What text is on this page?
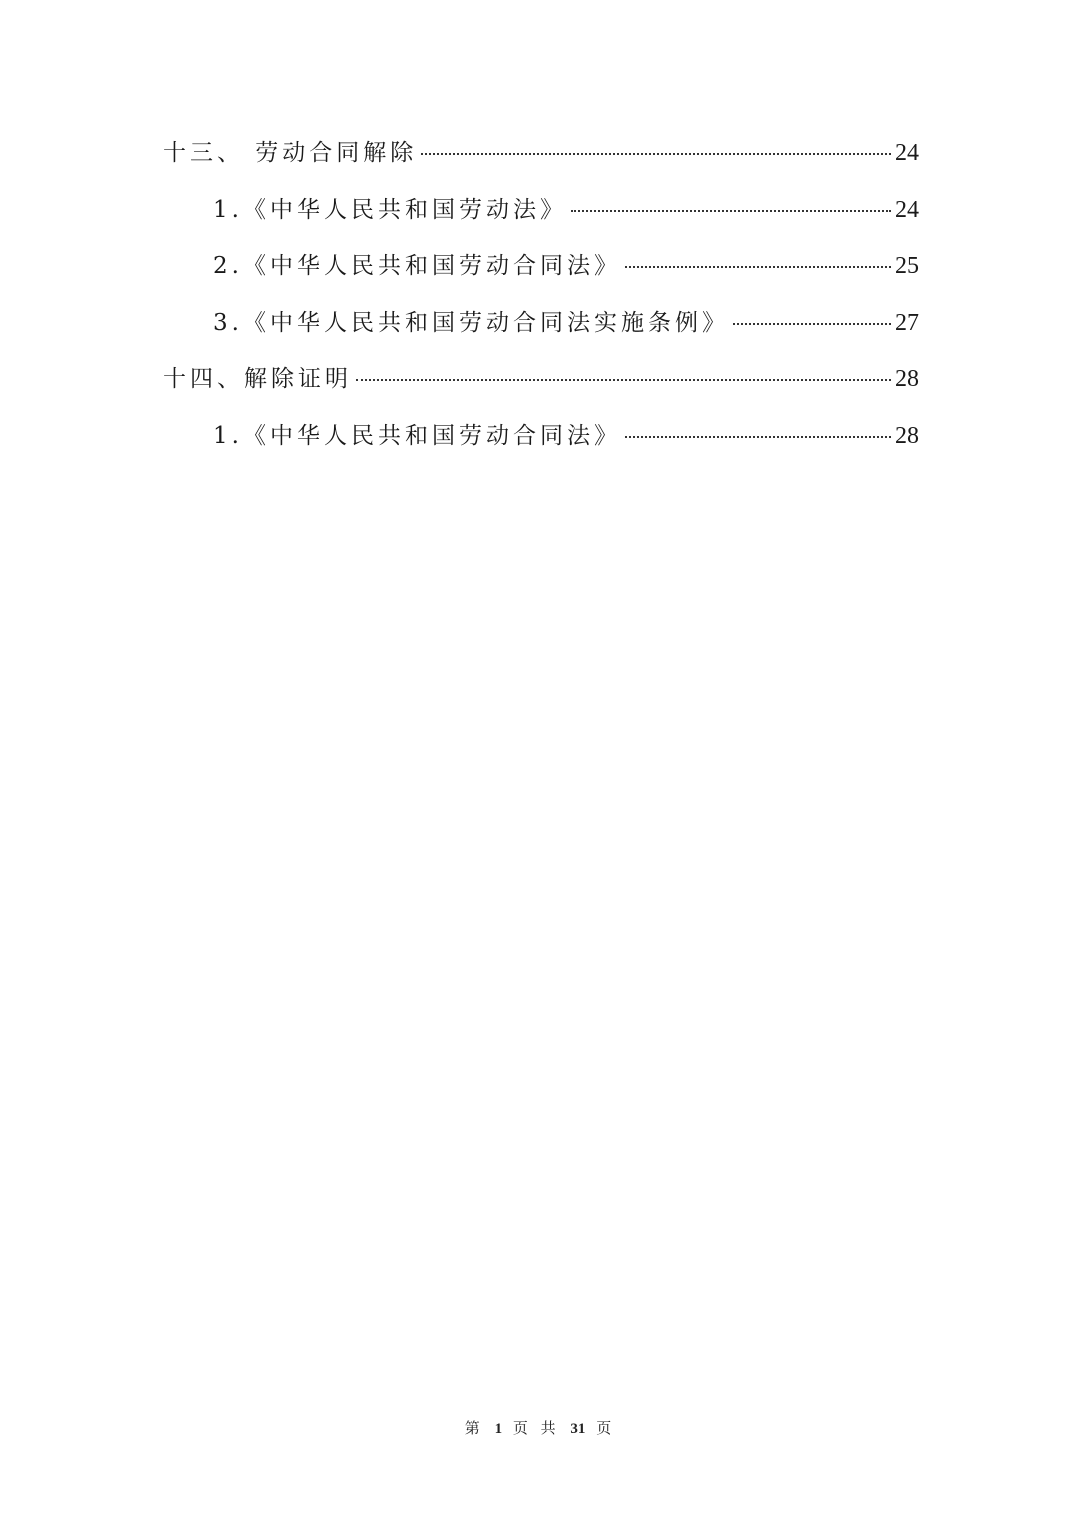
十三、 劳动合同解除	24
1.《中华人民共和国劳动法》	24
2.《中华人民共和国劳动合同法》	25
3.《中华人民共和国劳动合同法实施条例》	27
十四、解除证明	28
1.《中华人民共和国劳动合同法》	28
第 1 页 共 31 页
